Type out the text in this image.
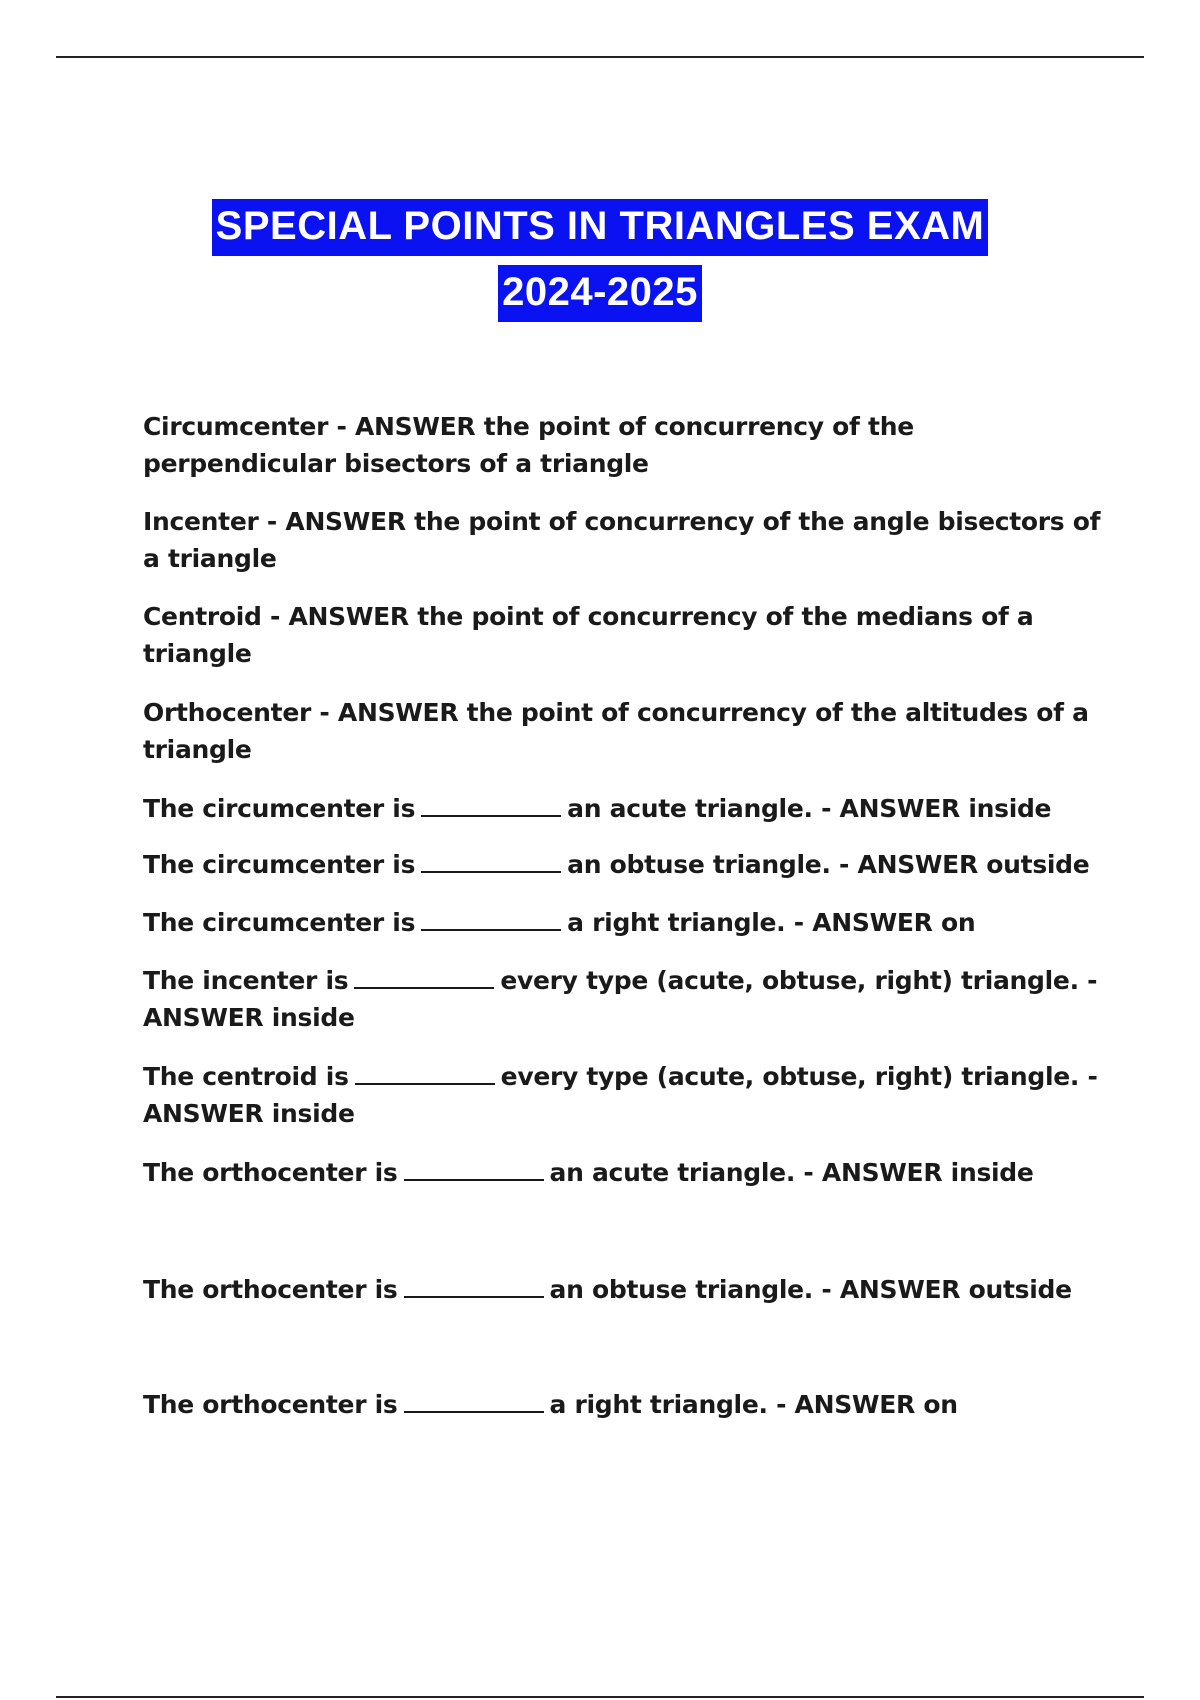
SPECIAL POINTS IN TRIANGLES EXAM
2024-2025

Circumcenter - ANSWER the point of concurrency of the perpendicular bisectors of a triangle

Incenter - ANSWER the point of concurrency of the angle bisectors of a triangle

Centroid - ANSWER the point of concurrency of the medians of a triangle

Orthocenter - ANSWER the point of concurrency of the altitudes of a triangle

The circumcenter is	an acute triangle. - ANSWER inside

The circumcenter is	an obtuse triangle. - ANSWER outside

The circumcenter is	a right triangle. - ANSWER on

The incenter is	every type (acute, obtuse, right) triangle. - ANSWER inside

The centroid is	every type (acute, obtuse, right) triangle. - ANSWER inside

The orthocenter is	an acute triangle. - ANSWER inside

The orthocenter is	an obtuse triangle. - ANSWER outside

The orthocenter is	a right triangle. - ANSWER on
